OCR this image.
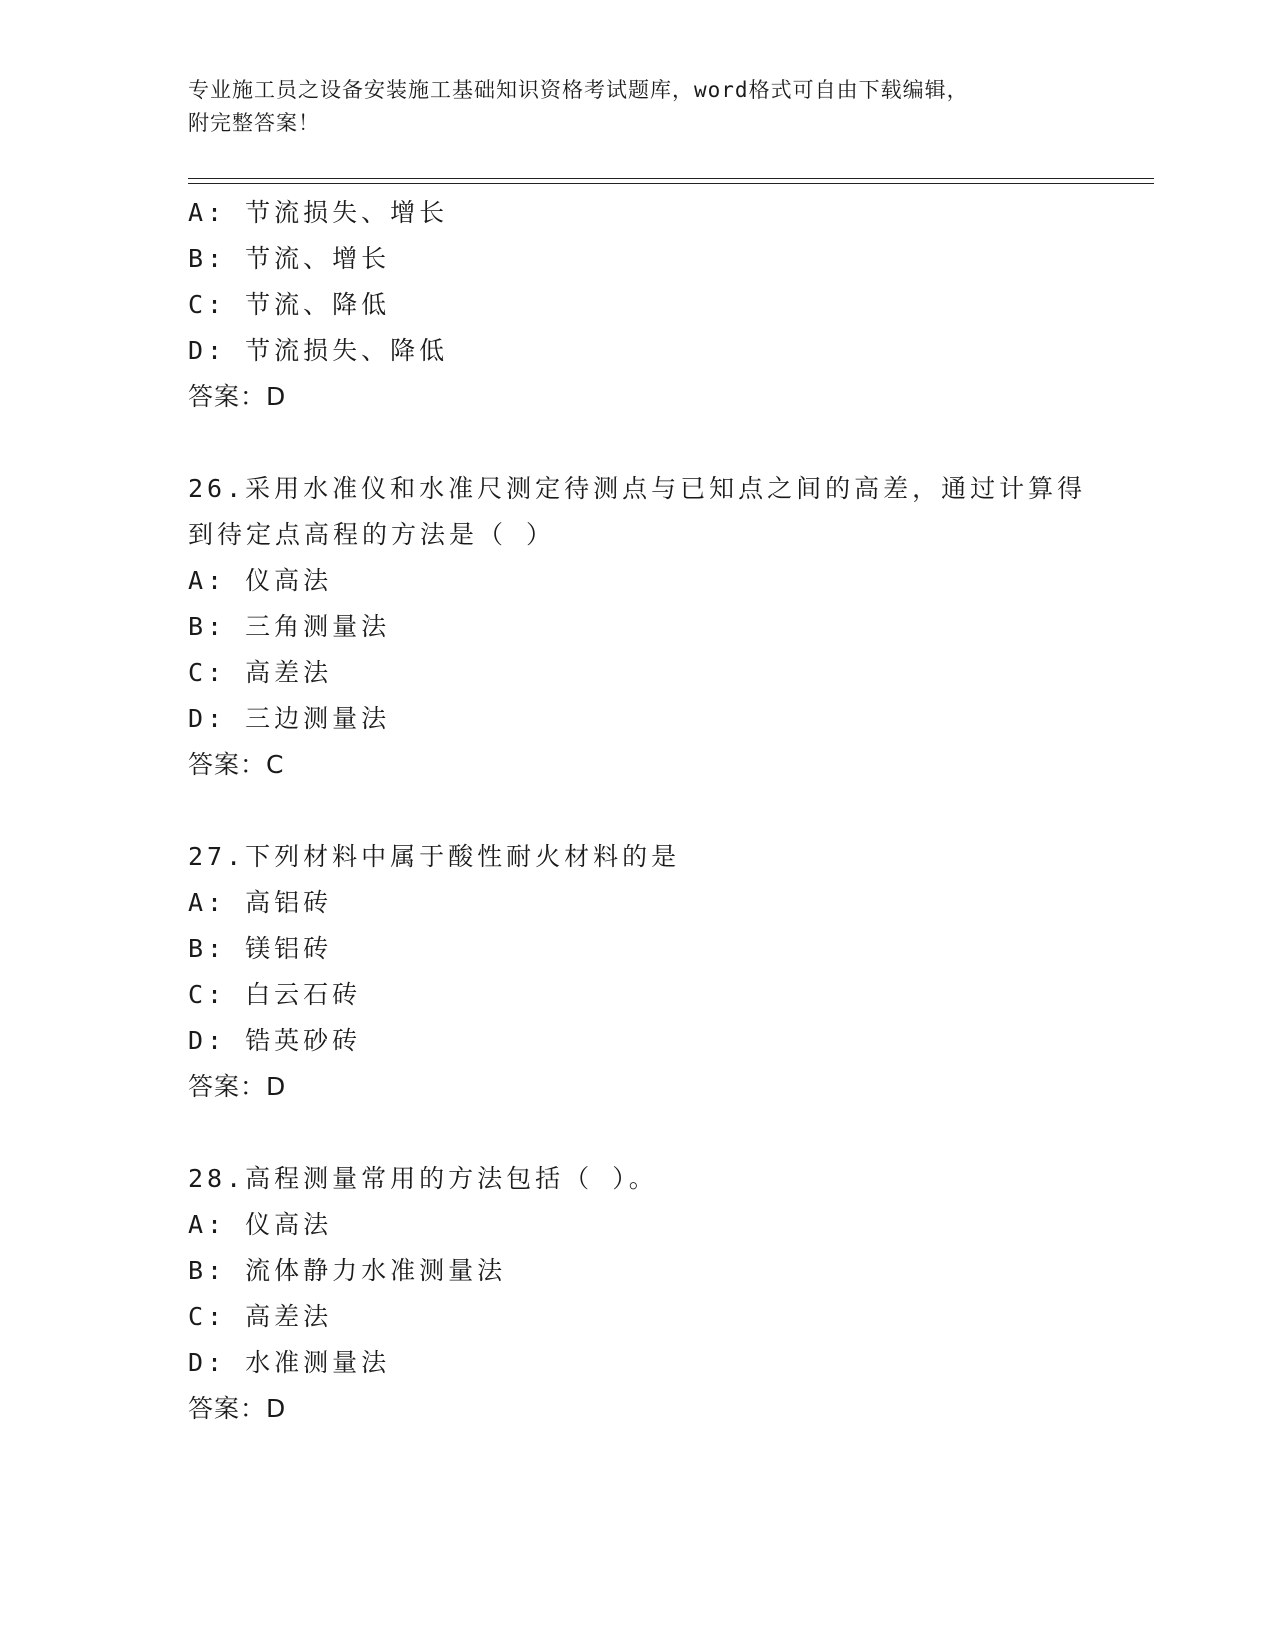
专业施工员之设备安装施工基础知识资格考试题库，word格式可自由下载编辑，
附完整答案！
A: 节流损失、增长
B: 节流、增长
C: 节流、降低
D: 节流损失、降低
答案：D
26.采用水准仪和水准尺测定待测点与已知点之间的高差，通过计算得
到待定点高程的方法是（ ）
A: 仪高法
B: 三角测量法
C: 高差法
D: 三边测量法
答案：C
27.下列材料中属于酸性耐火材料的是
A: 高铝砖
B: 镁铝砖
C: 白云石砖
D: 锆英砂砖
答案：D
28.高程测量常用的方法包括（ ）。
A: 仪高法
B: 流体静力水准测量法
C: 高差法
D: 水准测量法
答案：D
